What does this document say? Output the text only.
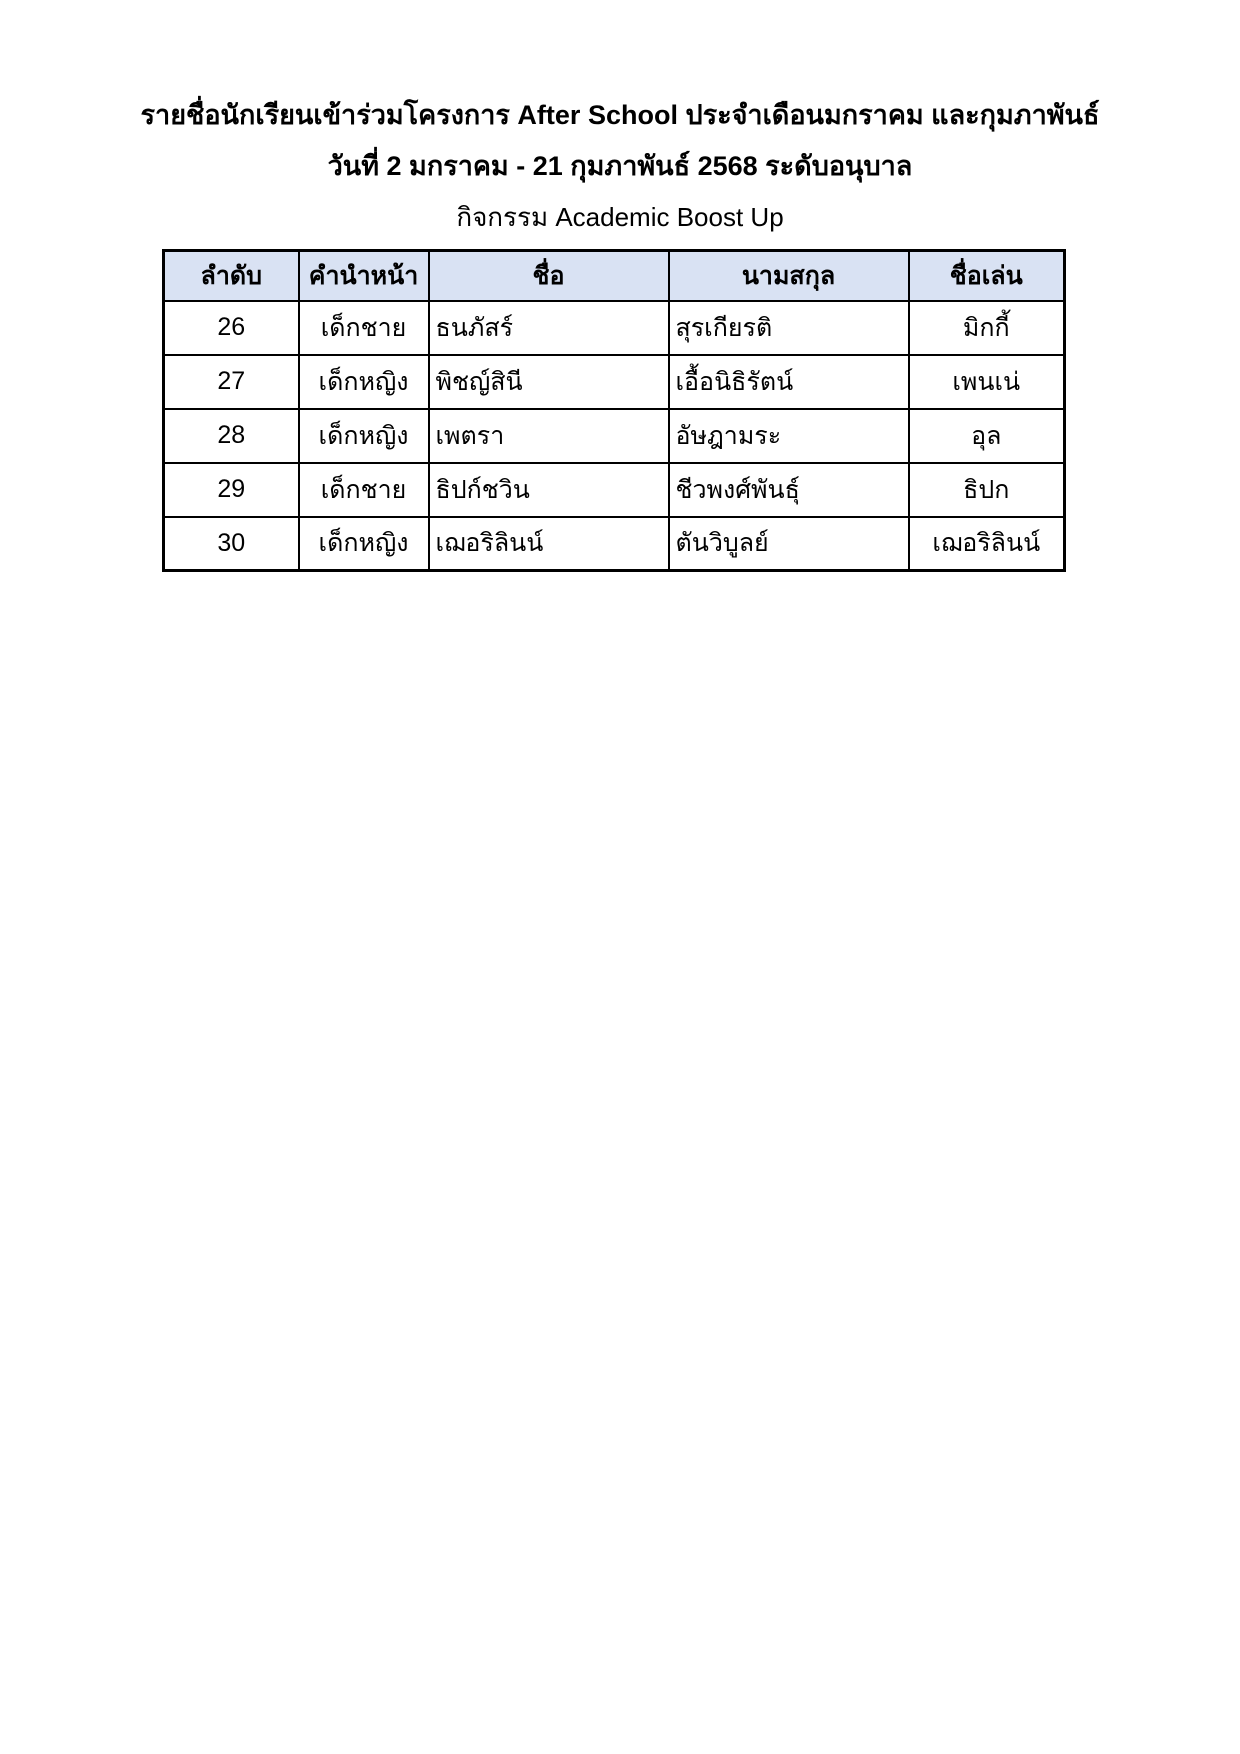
รายชื่อนักเรียนเข้าร่วมโครงการ After School ประจำเดือนมกราคม และกุมภาพันธ์
วันที่ 2 มกราคม - 21 กุมภาพันธ์ 2568 ระดับอนุบาล
กิจกรรม Academic Boost Up
ลำดับ	คำนำหน้า	ชื่อ	นามสกุล	ชื่อเล่น
26	เด็กชาย	ธนภัสร์	สุรเกียรติ	มิกกี้
27	เด็กหญิง	พิชญ์สินี	เอื้อนิธิรัตน์	เพนเน่
28	เด็กหญิง	เพตรา	อัษฎามระ	อุล
29	เด็กชาย	ธิปก์ชวิน	ชีวพงศ์พันธุ์	ธิปก
30	เด็กหญิง	เฌอริลินน์	ตันวิบูลย์	เฌอริลินน์
